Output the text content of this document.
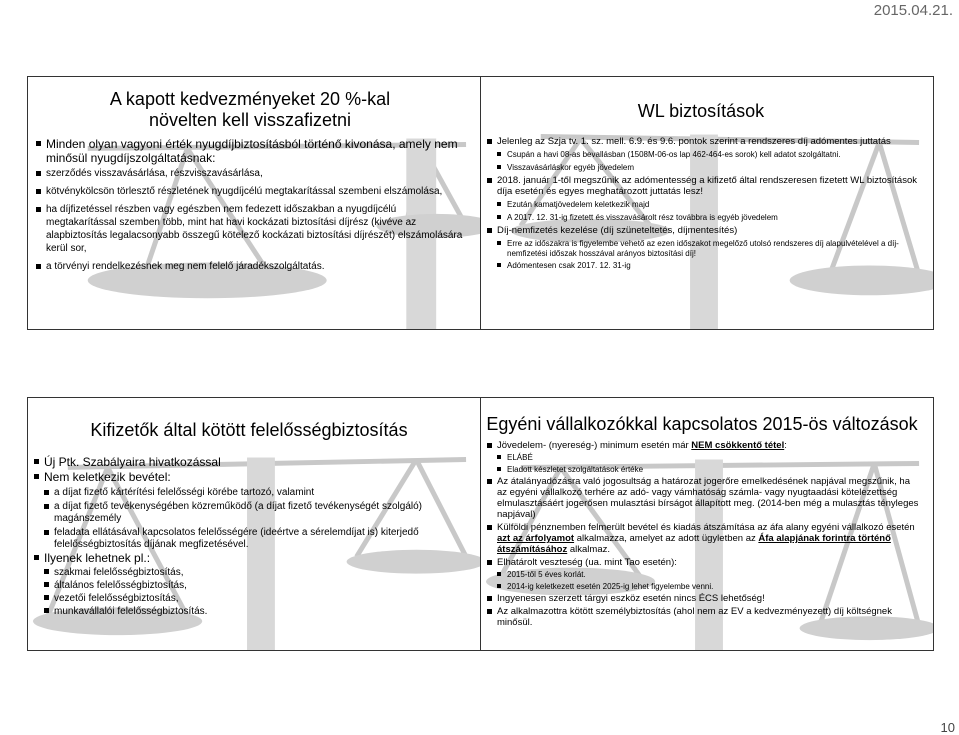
2015.04.21.
A kapott kedvezményeket 20 %-kal növelten kell visszafizetni
Minden olyan vagyoni érték nyugdíjbiztosításból történő kivonása, amely nem minősül nyugdíjszolgáltatásnak:
szerződés visszavásárlása, részvisszavásárlása,
kötvénykölcsön törlesztő részletének nyugdíjcélú megtakarítással szembeni elszámolása,
ha díjfizetéssel részben vagy egészben nem fedezett időszakban a nyugdíjcélú megtakarítással szemben több, mint hat havi kockázati biztosítási díjrész (kivéve az alapbiztosítás legalacsonyabb összegű kötelező kockázati biztosítási díjrészét) elszámolására kerül sor,
a törvényi rendelkezésnek meg nem felelő járadékszolgáltatás.
WL biztosítások
Jelenleg az Szja tv. 1. sz. mell. 6.9. és 9.6. pontok szerint a rendszeres díj adómentes juttatás
Csupán a havi 08-as bevallásban (1508M-06-os lap 462-464-es sorok) kell adatot szolgáltatni.
Visszavásárláskor egyéb jövedelem
2018. január 1-től megszűnik az adómentesség a kifizető által rendszeresen fizetett WL biztosítások díja esetén és egyes meghatározott juttatás lesz!
Ezután kamatjövedelem keletkezik majd
A 2017. 12. 31-ig fizetett és visszavásárolt rész továbbra is egyéb jövedelem
Díj-nemfizetés kezelése (díj szüneteltetés, díjmentesítés)
Erre az időszakra is figyelembe vehető az ezen időszakot megelőző utolsó rendszeres díj alapulvételével a díj-nemfizetési időszak hosszával arányos biztosítási díj!
Adómentesen csak 2017. 12. 31-ig
Kifizetők által kötött felelősségbiztosítás
Új Ptk. Szabályaira hivatkozással
Nem keletkezik bevétel:
a díjat fizető kártérítési felelősségi körébe tartozó, valamint
a díjat fizető tevékenységében közreműködő (a díjat fizető tevékenységét szolgáló) magánszemély
feladata ellátásával kapcsolatos felelősségére (ideértve a sérelemdíjat is) kiterjedő felelősségbiztosítás díjának megfizetésével.
Ilyenek lehetnek pl.:
szakmai felelősségbiztosítás,
általános felelősségbiztosítás,
vezetői felelősségbiztosítás,
munkavállalói felelősségbiztosítás.
Egyéni vállalkozókkal kapcsolatos 2015-ös változások
Jövedelem- (nyereség-) minimum esetén már NEM csökkentő tétel:
ELÁBÉ
Eladott készletet szolgáltatások értéke
Az átalányadózásra való jogosultság a határozat jogerőre emelkedésének napjával megszűnik, ha az egyéni vállalkozó terhére az adó- vagy vámhatóság számla- vagy nyugtaadási kötelezettség elmulasztásáért jogerősen mulasztási bírságot állapított meg. (2014-ben még a mulasztás tényleges napjával)
Külföldi pénznemben felmerült bevétel és kiadás átszámítása az áfa alany egyéni vállalkozó esetén azt az árfolyamot alkalmazza, amelyet az adott ügyletben az Áfa alapjának forintra történő átszámításához alkalmaz.
Elhatárolt veszteség (ua. mint Tao esetén):
2015-től 5 éves korlát.
2014-ig keletkezett esetén 2025-ig lehet figyelembe venni.
Ingyenesen szerzett tárgyi eszköz esetén nincs ÉCS lehetőség!
Az alkalmazottra kötött személybiztosítás (ahol nem az EV a kedvezményezett) díj költségnek minősül.
10
